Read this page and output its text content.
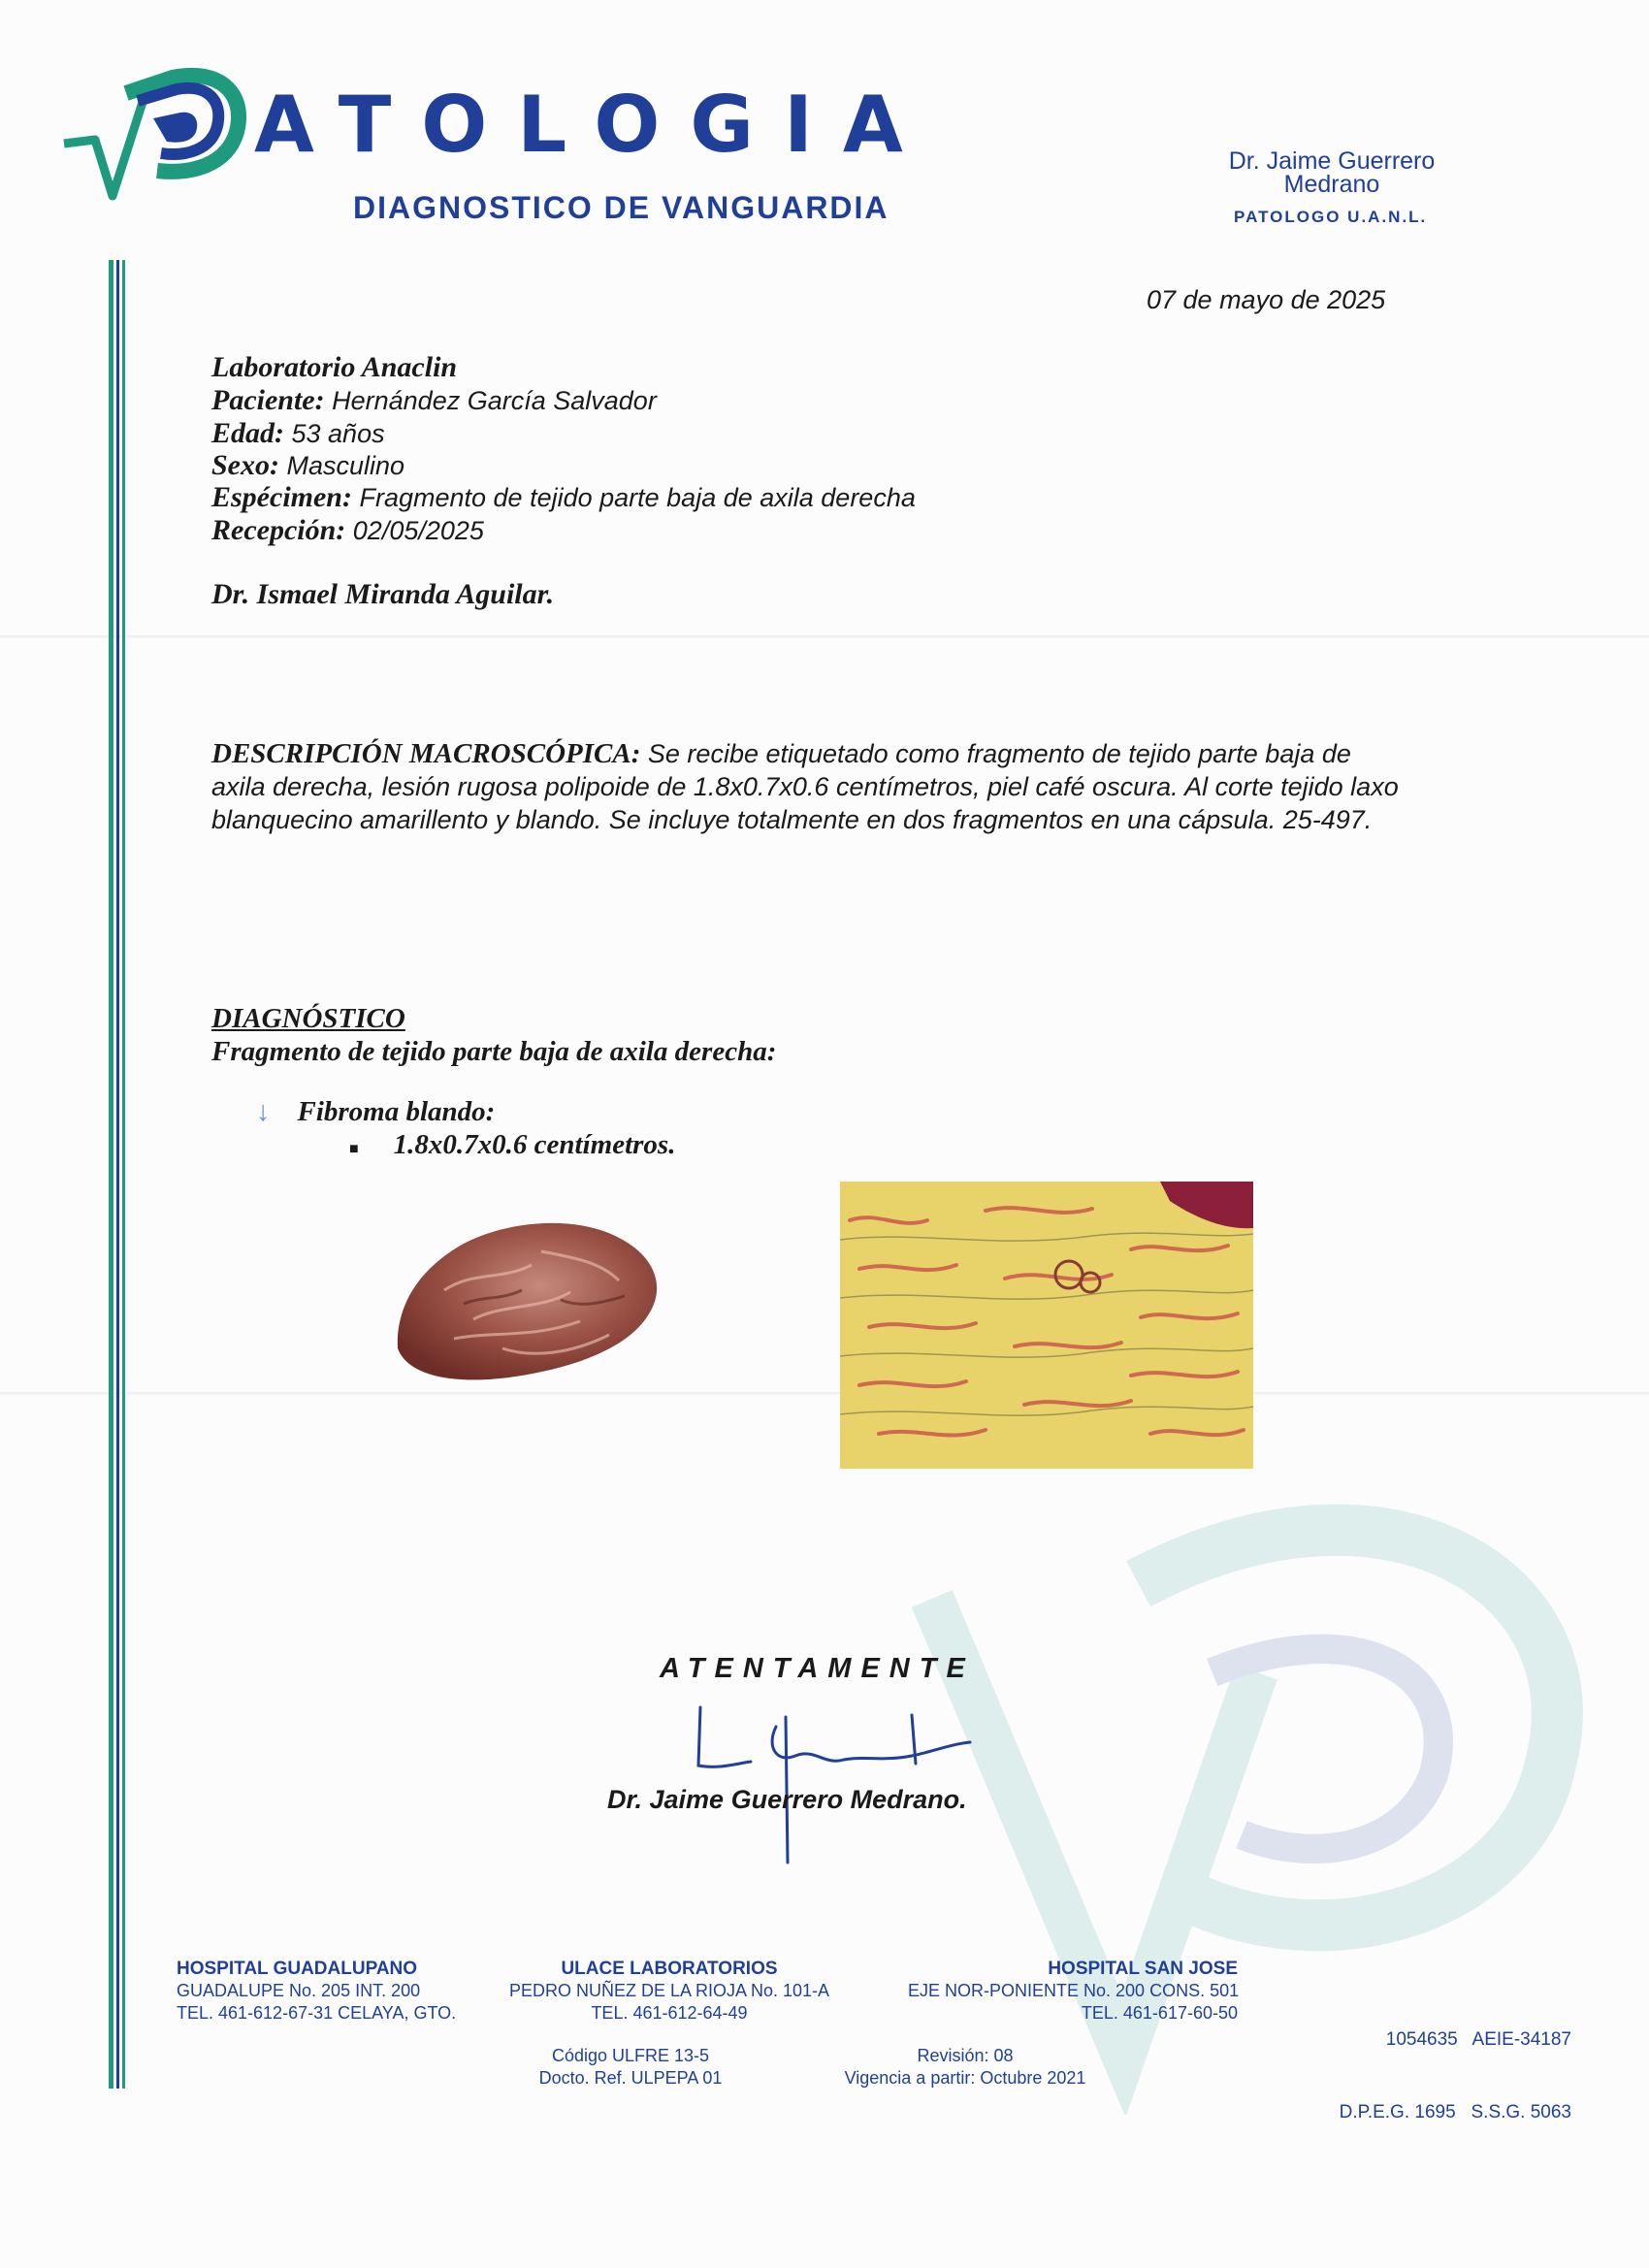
ATOLOGIA
DIAGNOSTICO DE VANGUARDIA
Dr. Jaime Guerrero Medrano
PATOLOGO U.A.N.L.
07 de mayo de 2025
Laboratorio Anaclin
Paciente: Hernández García Salvador
Edad: 53 años
Sexo: Masculino
Espécimen: Fragmento de tejido parte baja de axila derecha
Recepción: 02/05/2025
Dr. Ismael Miranda Aguilar.
DESCRIPCIÓN MACROSCÓPICA: Se recibe etiquetado como fragmento de tejido parte baja de axila derecha, lesión rugosa polipoide de 1.8x0.7x0.6 centímetros, piel café oscura. Al corte tejido laxo blanquecino amarillento y blando. Se incluye totalmente en dos fragmentos en una cápsula. 25-497.
DIAGNÓSTICO
Fragmento de tejido parte baja de axila derecha:
↓ Fibroma blando:
■ 1.8x0.7x0.6 centímetros.
ATENTAMENTE
Dr. Jaime Guerrero Medrano.
HOSPITAL GUADALUPANO
GUADALUPE No. 205 INT. 200
TEL. 461-612-67-31 CELAYA, GTO.
ULACE LABORATORIOS
PEDRO NUÑEZ DE LA RIOJA No. 101-A
TEL. 461-612-64-49
HOSPITAL SAN JOSE
EJE NOR-PONIENTE No. 200 CONS. 501
TEL. 461-617-60-50

1054635   AEIE-34187

D.P.E.G. 1695   S.S.G. 5063

Código ULFRE 13-5
Docto. Ref. ULPEPA 01
Revisión: 08
Vigencia a partir: Octubre 2021
